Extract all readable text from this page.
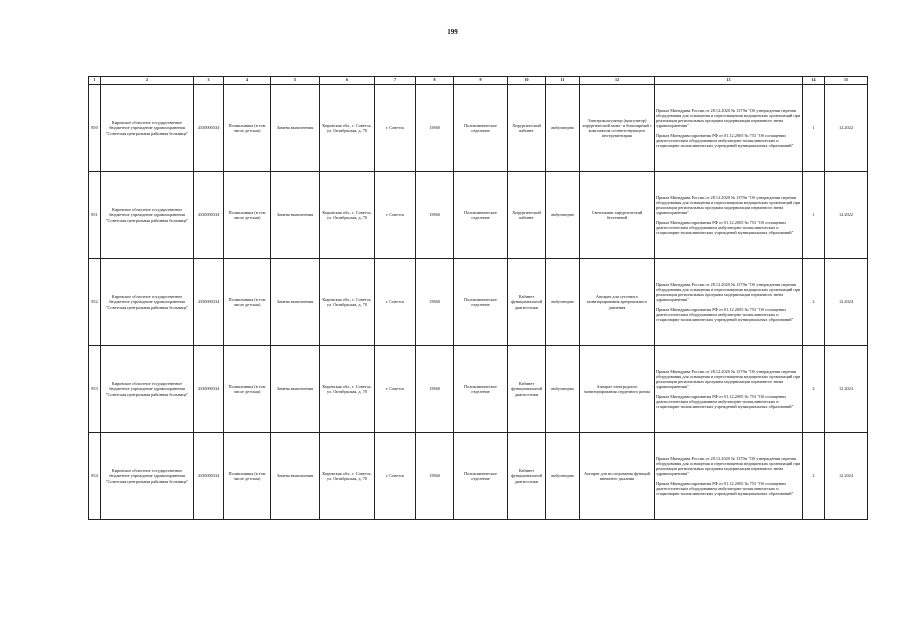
199
1	2	3	4	5	6	7	8	9	10	11	12	13	14	15
850	Кировское областное государственное бюджетное учреждение здравоохранения "Советская центральная районная больница"	4330000334	Поликлиника (в том числе детская)	Замена выполнения	Кировская обл., г. Советск, ул. Октябрьская, д. 70	г. Советск	15860	Поликлиническое отделение	Хирургический кабинет	амбулаторно	Электрокоагулятор (коагулятор) хирургический моно- и биполярный с комплектом соответствующего инструментария	Приказ Минздрава России от 28.12.2020 № 1379н "Об утверждении перечня оборудования для оснащения и переоснащения медицинских организаций при реализации региональных программ модернизации первичного звена здравоохранения"

Приказ Минздравсоцразвития РФ от 01.12.2005 № 753 "Об оснащении диагностическим оборудованием амбулаторно-поликлинических и стационарно-поликлинических учреждений муниципальных образований"	1	12.2022
851	Кировское областное государственное бюджетное учреждение здравоохранения "Советская центральная районная больница"	4330000334	Поликлиника (в том числе детская)	Замена выполнения	Кировская обл., г. Советск, ул. Октябрьская, д. 70	г. Советск	15860	Поликлиническое отделение	Хирургический кабинет	амбулаторно	Светильник хирургический бестеневой	Приказ Минздрава России от 28.12.2020 № 1379н "Об утверждении перечня оборудования для оснащения и переоснащения медицинских организаций при реализации региональных программ модернизации первичного звена здравоохранения"

Приказ Минздравсоцразвития РФ от 01.12.2005 № 753 "Об оснащении диагностическим оборудованием амбулаторно-поликлинических и стационарно-поликлинических учреждений муниципальных образований"	1	12.2022
852	Кировское областное государственное бюджетное учреждение здравоохранения "Советская центральная районная больница"	4330000334	Поликлиника (в том числе детская)	Замена выполнения	Кировская обл., г. Советск, ул. Октябрьская, д. 70	г. Советск	15860	Поликлиническое отделение	Кабинет функциональной диагностики	амбулаторно	Аппарат для суточного мониторирования артериального давления	Приказ Минздрава России от 28.12.2020 № 1379н "Об утверждении перечня оборудования для оснащения и переоснащения медицинских организаций при реализации региональных программ модернизации первичного звена здравоохранения"

Приказ Минздравсоцразвития РФ от 01.12.2005 № 753 "Об оснащении диагностическим оборудованием амбулаторно-поликлинических и стационарно-поликлинических учреждений муниципальных образований"	2	12.2024
853	Кировское областное государственное бюджетное учреждение здравоохранения "Советская центральная районная больница"	4330000334	Поликлиника (в том числе детская)	Замена выполнения	Кировская обл., г. Советск, ул. Октябрьская, д. 70	г. Советск	15860	Поликлиническое отделение	Кабинет функциональной диагностики	амбулаторно	Аппарат электродного мониторирования сердечного ритма	Приказ Минздрава России от 28.12.2020 № 1379н "Об утверждении перечня оборудования для оснащения и переоснащения медицинских организаций при реализации региональных программ модернизации первичного звена здравоохранения"

Приказ Минздравсоцразвития РФ от 01.12.2005 № 753 "Об оснащении диагностическим оборудованием амбулаторно-поликлинических и стационарно-поликлинических учреждений муниципальных образований"	2	12.2023
854	Кировское областное государственное бюджетное учреждение здравоохранения "Советская центральная районная больница"	4330000334	Поликлиника (в том числе детская)	Замена выполнения	Кировская обл., г. Советск, ул. Октябрьская, д. 70	г. Советск	15860	Поликлиническое отделение	Кабинет функциональной диагностики	амбулаторно	Аппарат для исследования функций внешнего дыхания	Приказ Минздрава России от 28.12.2020 № 1379н "Об утверждении перечня оборудования для оснащения и переоснащения медицинских организаций при реализации региональных программ модернизации первичного звена здравоохранения"

Приказ Минздравсоцразвития РФ от 01.12.2005 № 753 "Об оснащении диагностическим оборудованием амбулаторно-поликлинических и стационарно-поликлинических учреждений муниципальных образований"	2	12.2024
